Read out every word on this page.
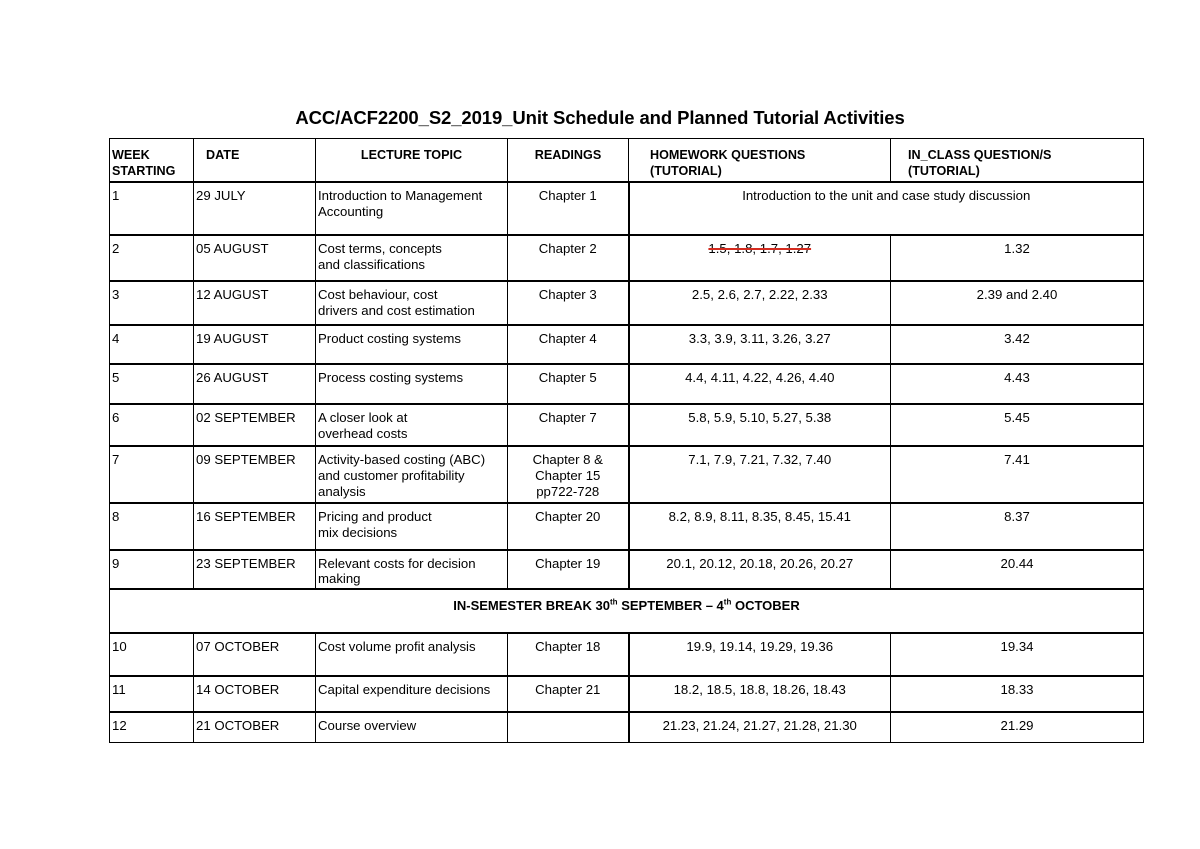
ACC/ACF2200_S2_2019_Unit Schedule and Planned Tutorial Activities
WEEK
STARTING	DATE	LECTURE TOPIC	READINGS	HOMEWORK QUESTIONS
(TUTORIAL)	IN_CLASS QUESTION/S
(TUTORIAL)
1	29 JULY	Introduction to Management
Accounting	Chapter 1	Introduction to the unit and case study discussion	
2	05 AUGUST	Cost terms, concepts
and classifications	Chapter 2	1.5, 1.8, 1.7, 1.27	1.32
3	12 AUGUST	Cost behaviour, cost
drivers and cost estimation	Chapter 3	2.5, 2.6, 2.7, 2.22, 2.33	2.39 and 2.40
4	19 AUGUST	Product costing systems	Chapter 4	3.3, 3.9, 3.11, 3.26, 3.27	3.42
5	26 AUGUST	Process costing systems	Chapter 5	4.4, 4.11, 4.22, 4.26, 4.40	4.43
6	02 SEPTEMBER	A closer look at
overhead costs	Chapter 7	5.8, 5.9, 5.10, 5.27, 5.38	5.45
7	09 SEPTEMBER	Activity-based costing (ABC)
and customer profitability
analysis	Chapter 8 &
Chapter 15
pp722-728	7.1, 7.9, 7.21, 7.32, 7.40	7.41
8	16 SEPTEMBER	Pricing and product
mix decisions	Chapter 20	8.2, 8.9, 8.11, 8.35, 8.45, 15.41	8.37
9	23 SEPTEMBER	Relevant costs for decision
making	Chapter 19	20.1, 20.12, 20.18, 20.26, 20.27	20.44
IN-SEMESTER BREAK 30th SEPTEMBER – 4th OCTOBER					
10	07 OCTOBER	Cost volume profit analysis	Chapter 18	19.9, 19.14, 19.29, 19.36	19.34
11	14 OCTOBER	Capital expenditure decisions	Chapter 21	18.2, 18.5, 18.8, 18.26, 18.43	18.33
12	21 OCTOBER	Course overview		21.23, 21.24, 21.27, 21.28, 21.30	21.29
